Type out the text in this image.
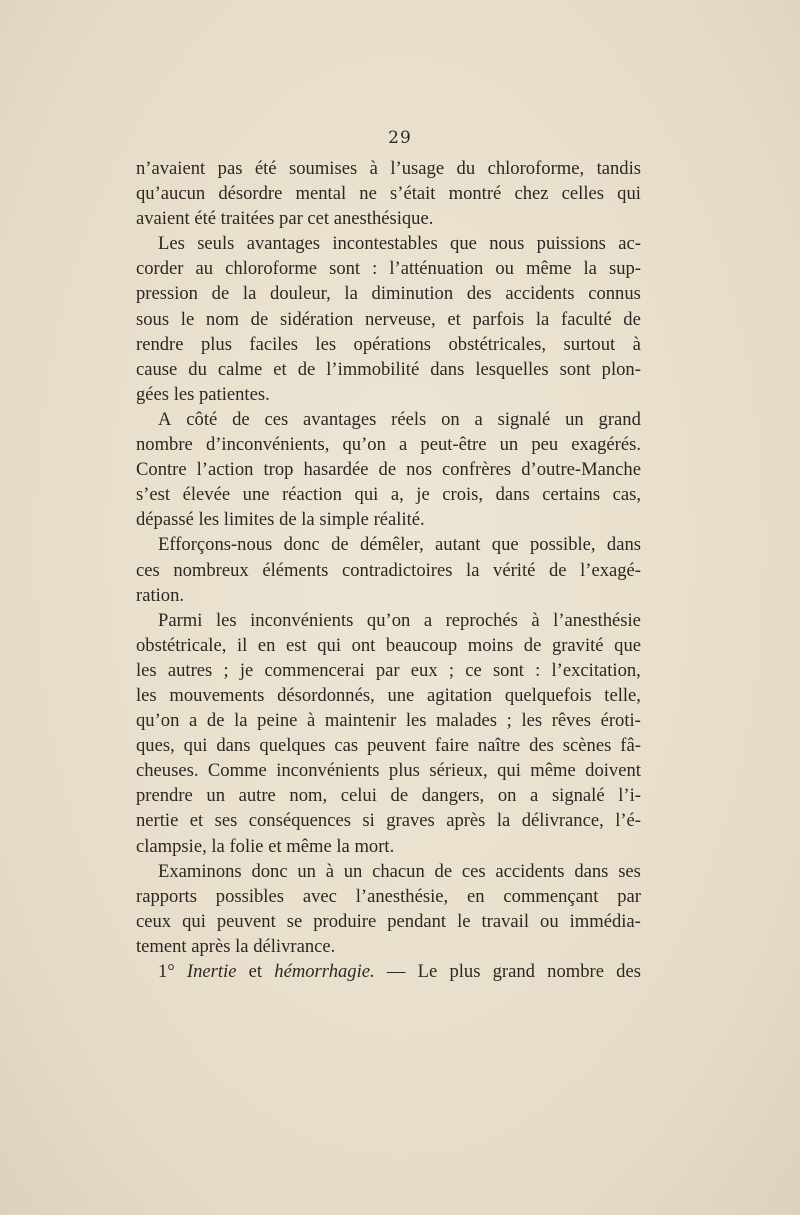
29
n’avaient pas été soumises à l’usage du chloroforme, tandis
qu’aucun désordre mental ne s’était montré chez celles qui
avaient été traitées par cet anesthésique.
Les seuls avantages incontestables que nous puissions ac-
corder au chloroforme sont : l’atténuation ou même la sup-
pression de la douleur, la diminution des accidents connus
sous le nom de sidération nerveuse, et parfois la faculté de
rendre plus faciles les opérations obstétricales, surtout à
cause du calme et de l’immobilité dans lesquelles sont plon-
gées les patientes.
A côté de ces avantages réels on a signalé un grand
nombre d’inconvénients, qu’on a peut-être un peu exagérés.
Contre l’action trop hasardée de nos confrères d’outre-Manche
s’est élevée une réaction qui a, je crois, dans certains cas,
dépassé les limites de la simple réalité.
Efforçons-nous donc de démêler, autant que possible, dans
ces nombreux éléments contradictoires la vérité de l’exagé-
ration.
Parmi les inconvénients qu’on a reprochés à l’anesthésie
obstétricale, il en est qui ont beaucoup moins de gravité que
les autres ; je commencerai par eux ; ce sont : l’excitation,
les mouvements désordonnés, une agitation quelquefois telle,
qu’on a de la peine à maintenir les malades ; les rêves éroti-
ques, qui dans quelques cas peuvent faire naître des scènes fâ-
cheuses. Comme inconvénients plus sérieux, qui même doivent
prendre un autre nom, celui de dangers, on a signalé l’i-
nertie et ses conséquences si graves après la délivrance, l’é-
clampsie, la folie et même la mort.
Examinons donc un à un chacun de ces accidents dans ses
rapports possibles avec l’anesthésie, en commençant par
ceux qui peuvent se produire pendant le travail ou immédia-
tement après la délivrance.
1° Inertie et hémorrhagie. — Le plus grand nombre des
